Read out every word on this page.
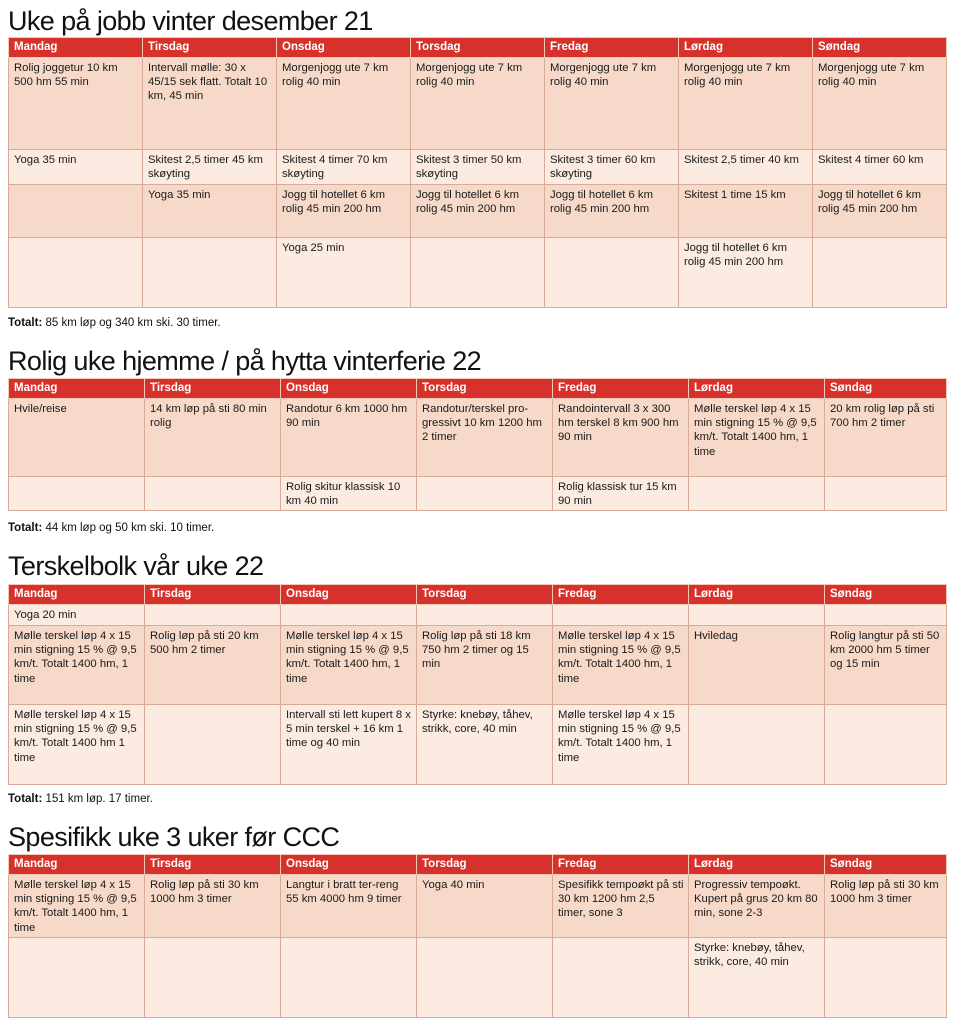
Uke på jobb vinter desember 21
Mandag	Tirsdag	Onsdag	Torsdag	Fredag	Lørdag	Søndag
Rolig joggetur 10 km 500 hm 55 min	Intervall mølle: 30 x 45/15 sek flatt. Totalt 10 km, 45 min	Morgenjogg ute 7 km rolig 40 min	Morgenjogg ute 7 km rolig 40 min	Morgenjogg ute 7 km rolig 40 min	Morgenjogg ute 7 km rolig 40 min	Morgenjogg ute 7 km rolig 40 min
Yoga 35 min	Skitest 2,5 timer 45 km skøyting	Skitest 4 timer 70 km skøyting	Skitest 3 timer 50 km skøyting	Skitest 3 timer 60 km skøyting	Skitest 2,5 timer 40 km	Skitest 4 timer 60 km
	Yoga 35 min	Jogg til hotellet 6 km rolig 45 min 200 hm	Jogg til hotellet 6 km rolig 45 min 200 hm	Jogg til hotellet 6 km rolig 45 min 200 hm	Skitest 1 time 15 km	Jogg til hotellet 6 km rolig 45 min 200 hm
		Yoga 25 min			Jogg til hotellet 6 km rolig 45 min 200 hm	
Totalt: 85 km løp og 340 km ski. 30 timer.
Rolig uke hjemme / på hytta vinterferie 22
Mandag	Tirsdag	Onsdag	Torsdag	Fredag	Lørdag	Søndag
Hvile/reise	14 km løp på sti 80 min rolig	Randotur 6 km 1000 hm 90 min	Randotur/terskel pro-gressivt 10 km 1200 hm 2 timer	Randointervall 3 x 300 hm terskel 8 km 900 hm 90 min	Mølle terskel løp 4 x 15 min stigning 15 % @ 9,5 km/t. Totalt 1400 hm, 1 time	20 km rolig løp på sti 700 hm 2 timer
		Rolig skitur klassisk 10 km 40 min		Rolig klassisk tur 15 km 90 min		
Totalt: 44 km løp og 50 km ski. 10 timer.
Terskelbolk vår uke 22
Mandag	Tirsdag	Onsdag	Torsdag	Fredag	Lørdag	Søndag
Yoga 20 min						
Mølle terskel løp 4 x 15 min stigning 15 % @ 9,5 km/t. Totalt 1400 hm, 1 time	Rolig løp på sti 20 km 500 hm 2 timer	Mølle terskel løp 4 x 15 min stigning 15 % @ 9,5 km/t. Totalt 1400 hm, 1 time	Rolig løp på sti 18 km 750 hm 2 timer og 15 min	Mølle terskel løp 4 x 15 min stigning 15 % @ 9,5 km/t. Totalt 1400 hm, 1 time	Hviledag	Rolig langtur på sti 50 km 2000 hm 5 timer og 15 min
Mølle terskel løp 4 x 15 min stigning 15 % @ 9,5 km/t. Totalt 1400 hm 1 time		Intervall sti lett kupert 8 x 5 min terskel + 16 km 1 time og 40 min	Styrke: knebøy, tåhev, strikk, core, 40 min	Mølle terskel løp 4 x 15 min stigning 15 % @ 9,5 km/t. Totalt 1400 hm, 1 time		
Totalt: 151 km løp. 17 timer.
Spesifikk uke 3 uker før CCC
Mandag	Tirsdag	Onsdag	Torsdag	Fredag	Lørdag	Søndag
Mølle terskel løp 4 x 15 min stigning 15 % @ 9,5 km/t. Totalt 1400 hm, 1 time	Rolig løp på sti 30 km 1000 hm 3 timer	Langtur i bratt ter-reng 55 km 4000 hm 9 timer	Yoga 40 min	Spesifikk tempoøkt på sti 30 km 1200 hm 2,5 timer, sone 3	Progressiv tempoøkt. Kupert på grus 20 km 80 min, sone 2-3	Rolig løp på sti 30 km 1000 hm 3 timer
					Styrke: knebøy, tåhev, strikk, core, 40 min	
